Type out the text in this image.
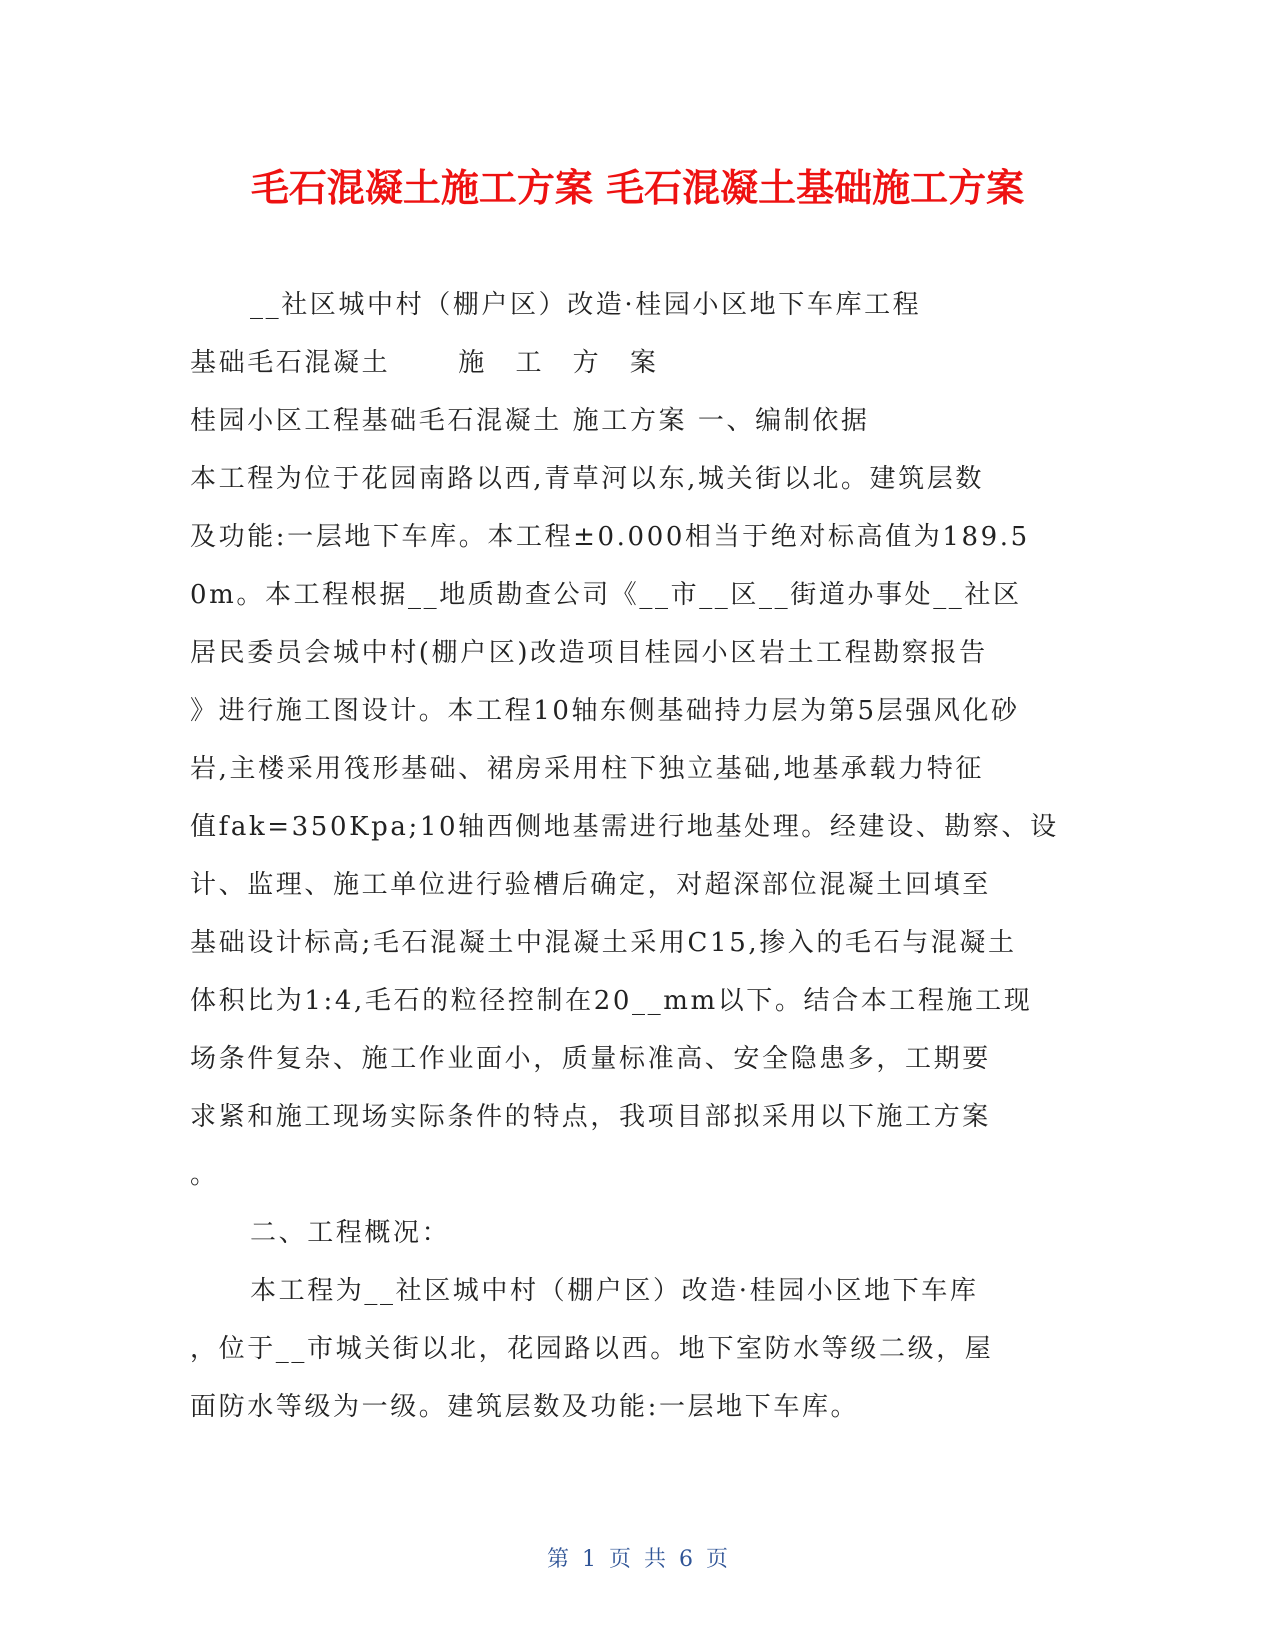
毛石混凝土施工方案 毛石混凝土基础施工方案
__社区城中村（棚户区）改造·桂园小区地下车库工程
基础毛石混凝土　　 施　工　方　案
桂园小区工程基础毛石混凝土 施工方案 一、编制依据
本工程为位于花园南路以西,青草河以东,城关街以北。建筑层数
及功能:一层地下车库。本工程±0.000相当于绝对标高值为189.5
0m。本工程根据__地质勘查公司《__市__区__街道办事处__社区
居民委员会城中村(棚户区)改造项目桂园小区岩土工程勘察报告
》进行施工图设计。本工程10轴东侧基础持力层为第5层强风化砂
岩,主楼采用筏形基础、裙房采用柱下独立基础,地基承载力特征
值fak=350Kpa;10轴西侧地基需进行地基处理。经建设、勘察、设
计、监理、施工单位进行验槽后确定，对超深部位混凝土回填至
基础设计标高;毛石混凝土中混凝土采用C15,掺入的毛石与混凝土
体积比为1:4,毛石的粒径控制在20__mm以下。结合本工程施工现
场条件复杂、施工作业面小，质量标准高、安全隐患多，工期要
求紧和施工现场实际条件的特点，我项目部拟采用以下施工方案
。
二、工程概况：
本工程为__社区城中村（棚户区）改造·桂园小区地下车库
，位于__市城关街以北，花园路以西。地下室防水等级二级，屋
面防水等级为一级。建筑层数及功能:一层地下车库。
第 1 页 共 6 页
